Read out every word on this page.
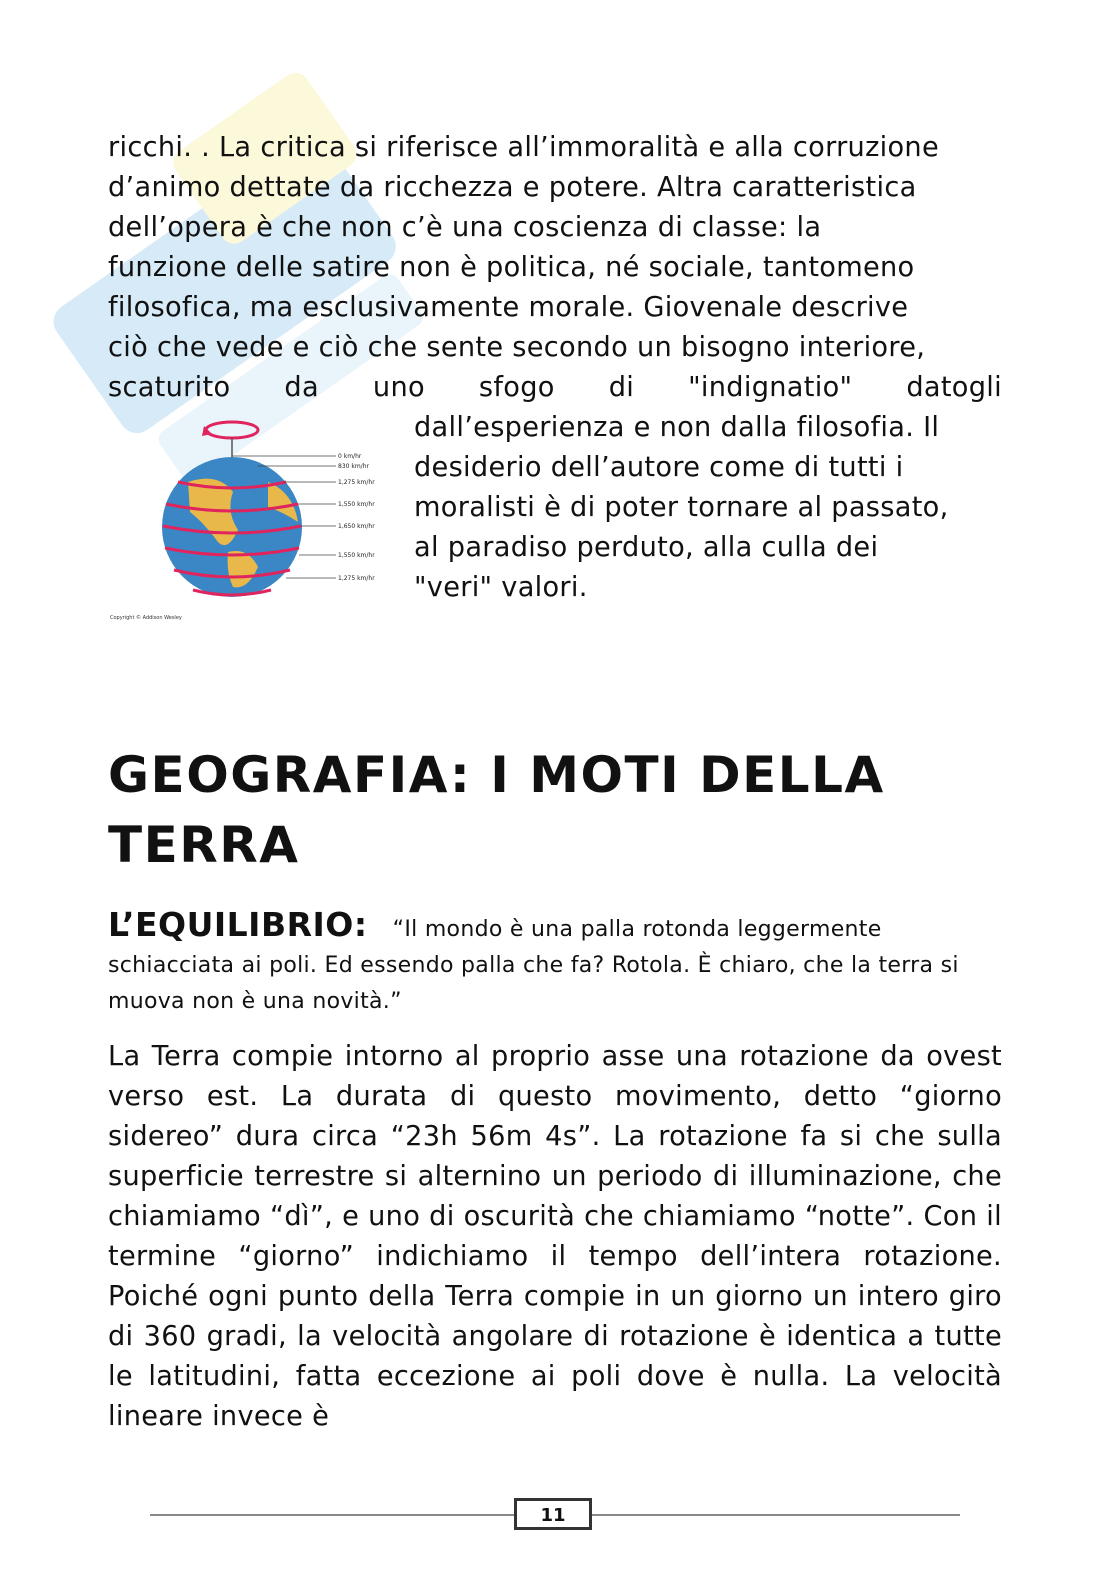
ricchi. . La critica si riferisce all’immoralità e alla corruzione
d’animo dettate da ricchezza e potere. Altra caratteristica
dell’opera è che non c’è una coscienza di classe: la
funzione delle satire non è politica, né sociale, tantomeno
filosofica, ma esclusivamente morale. Giovenale descrive
ciò che vede e ciò che sente secondo un bisogno interiore,
scaturito da uno sfogo di "indignatio" datogli
dall’esperienza e non dalla filosofia. Il
desiderio dell’autore come di tutti i
moralisti è di poter tornare al passato,
al paradiso perduto, alla culla dei
"veri" valori.
0 km/hr
830 km/hr
1,275 km/hr
1,550 km/hr
1,650 km/hr
1,550 km/hr
1,275 km/hr
Copyright © Addison Wesley
GEOGRAFIA: I MOTI DELLA
TERRA
L’EQUILIBRIO: “Il mondo è una palla rotonda leggermente
schiacciata ai poli. Ed essendo palla che fa? Rotola. È chiaro, che la terra si muova non è una novità.”

La Terra compie intorno al proprio asse una rotazione da ovest verso est. La durata di questo movimento, detto “giorno sidereo” dura circa “23h 56m 4s”. La rotazione fa si che sulla superficie terrestre si alternino un periodo di illuminazione, che chiamiamo “dì”, e uno di oscurità che chiamiamo “notte”. Con il termine “giorno” indichiamo il tempo dell’intera rotazione. Poiché ogni punto della Terra compie in un giorno un intero giro di 360 gradi, la velocità angolare di rotazione è identica a tutte le latitudini, fatta eccezione ai poli dove è nulla. La velocità lineare invece è

11
